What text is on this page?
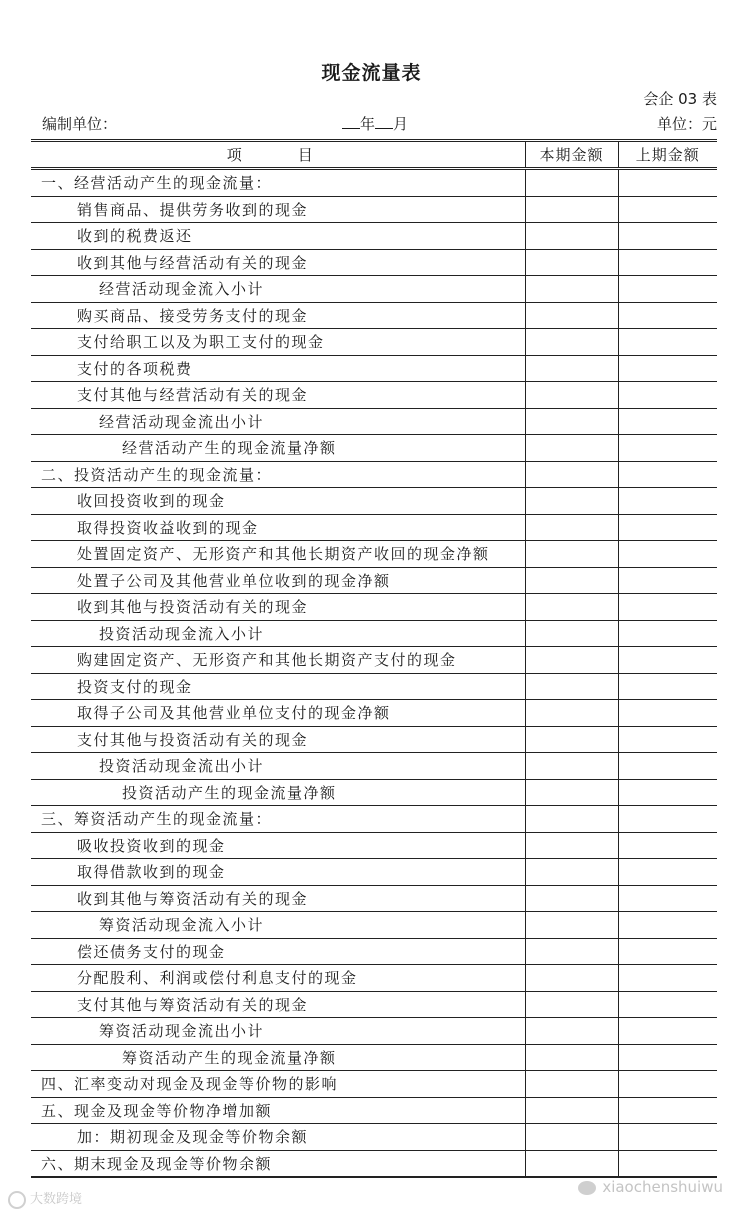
现金流量表
会企 03 表
编制单位：	年 月	单位：元
项目	本期金额	上期金额
一、经营活动产生的现金流量：		
销售商品、提供劳务收到的现金		
收到的税费返还		
收到其他与经营活动有关的现金		
经营活动现金流入小计		
购买商品、接受劳务支付的现金		
支付给职工以及为职工支付的现金		
支付的各项税费		
支付其他与经营活动有关的现金		
经营活动现金流出小计		
经营活动产生的现金流量净额		
二、投资活动产生的现金流量：		
收回投资收到的现金		
取得投资收益收到的现金		
处置固定资产、无形资产和其他长期资产收回的现金净额		
处置子公司及其他营业单位收到的现金净额		
收到其他与投资活动有关的现金		
投资活动现金流入小计		
购建固定资产、无形资产和其他长期资产支付的现金		
投资支付的现金		
取得子公司及其他营业单位支付的现金净额		
支付其他与投资活动有关的现金		
投资活动现金流出小计		
投资活动产生的现金流量净额		
三、筹资活动产生的现金流量：		
吸收投资收到的现金		
取得借款收到的现金		
收到其他与筹资活动有关的现金		
筹资活动现金流入小计		
偿还债务支付的现金		
分配股利、利润或偿付利息支付的现金		
支付其他与筹资活动有关的现金		
筹资活动现金流出小计		
筹资活动产生的现金流量净额		
四、汇率变动对现金及现金等价物的影响		
五、现金及现金等价物净增加额		
加：期初现金及现金等价物余额		
六、期末现金及现金等价物余额		
大数跨境
xiaochenshuiwu
